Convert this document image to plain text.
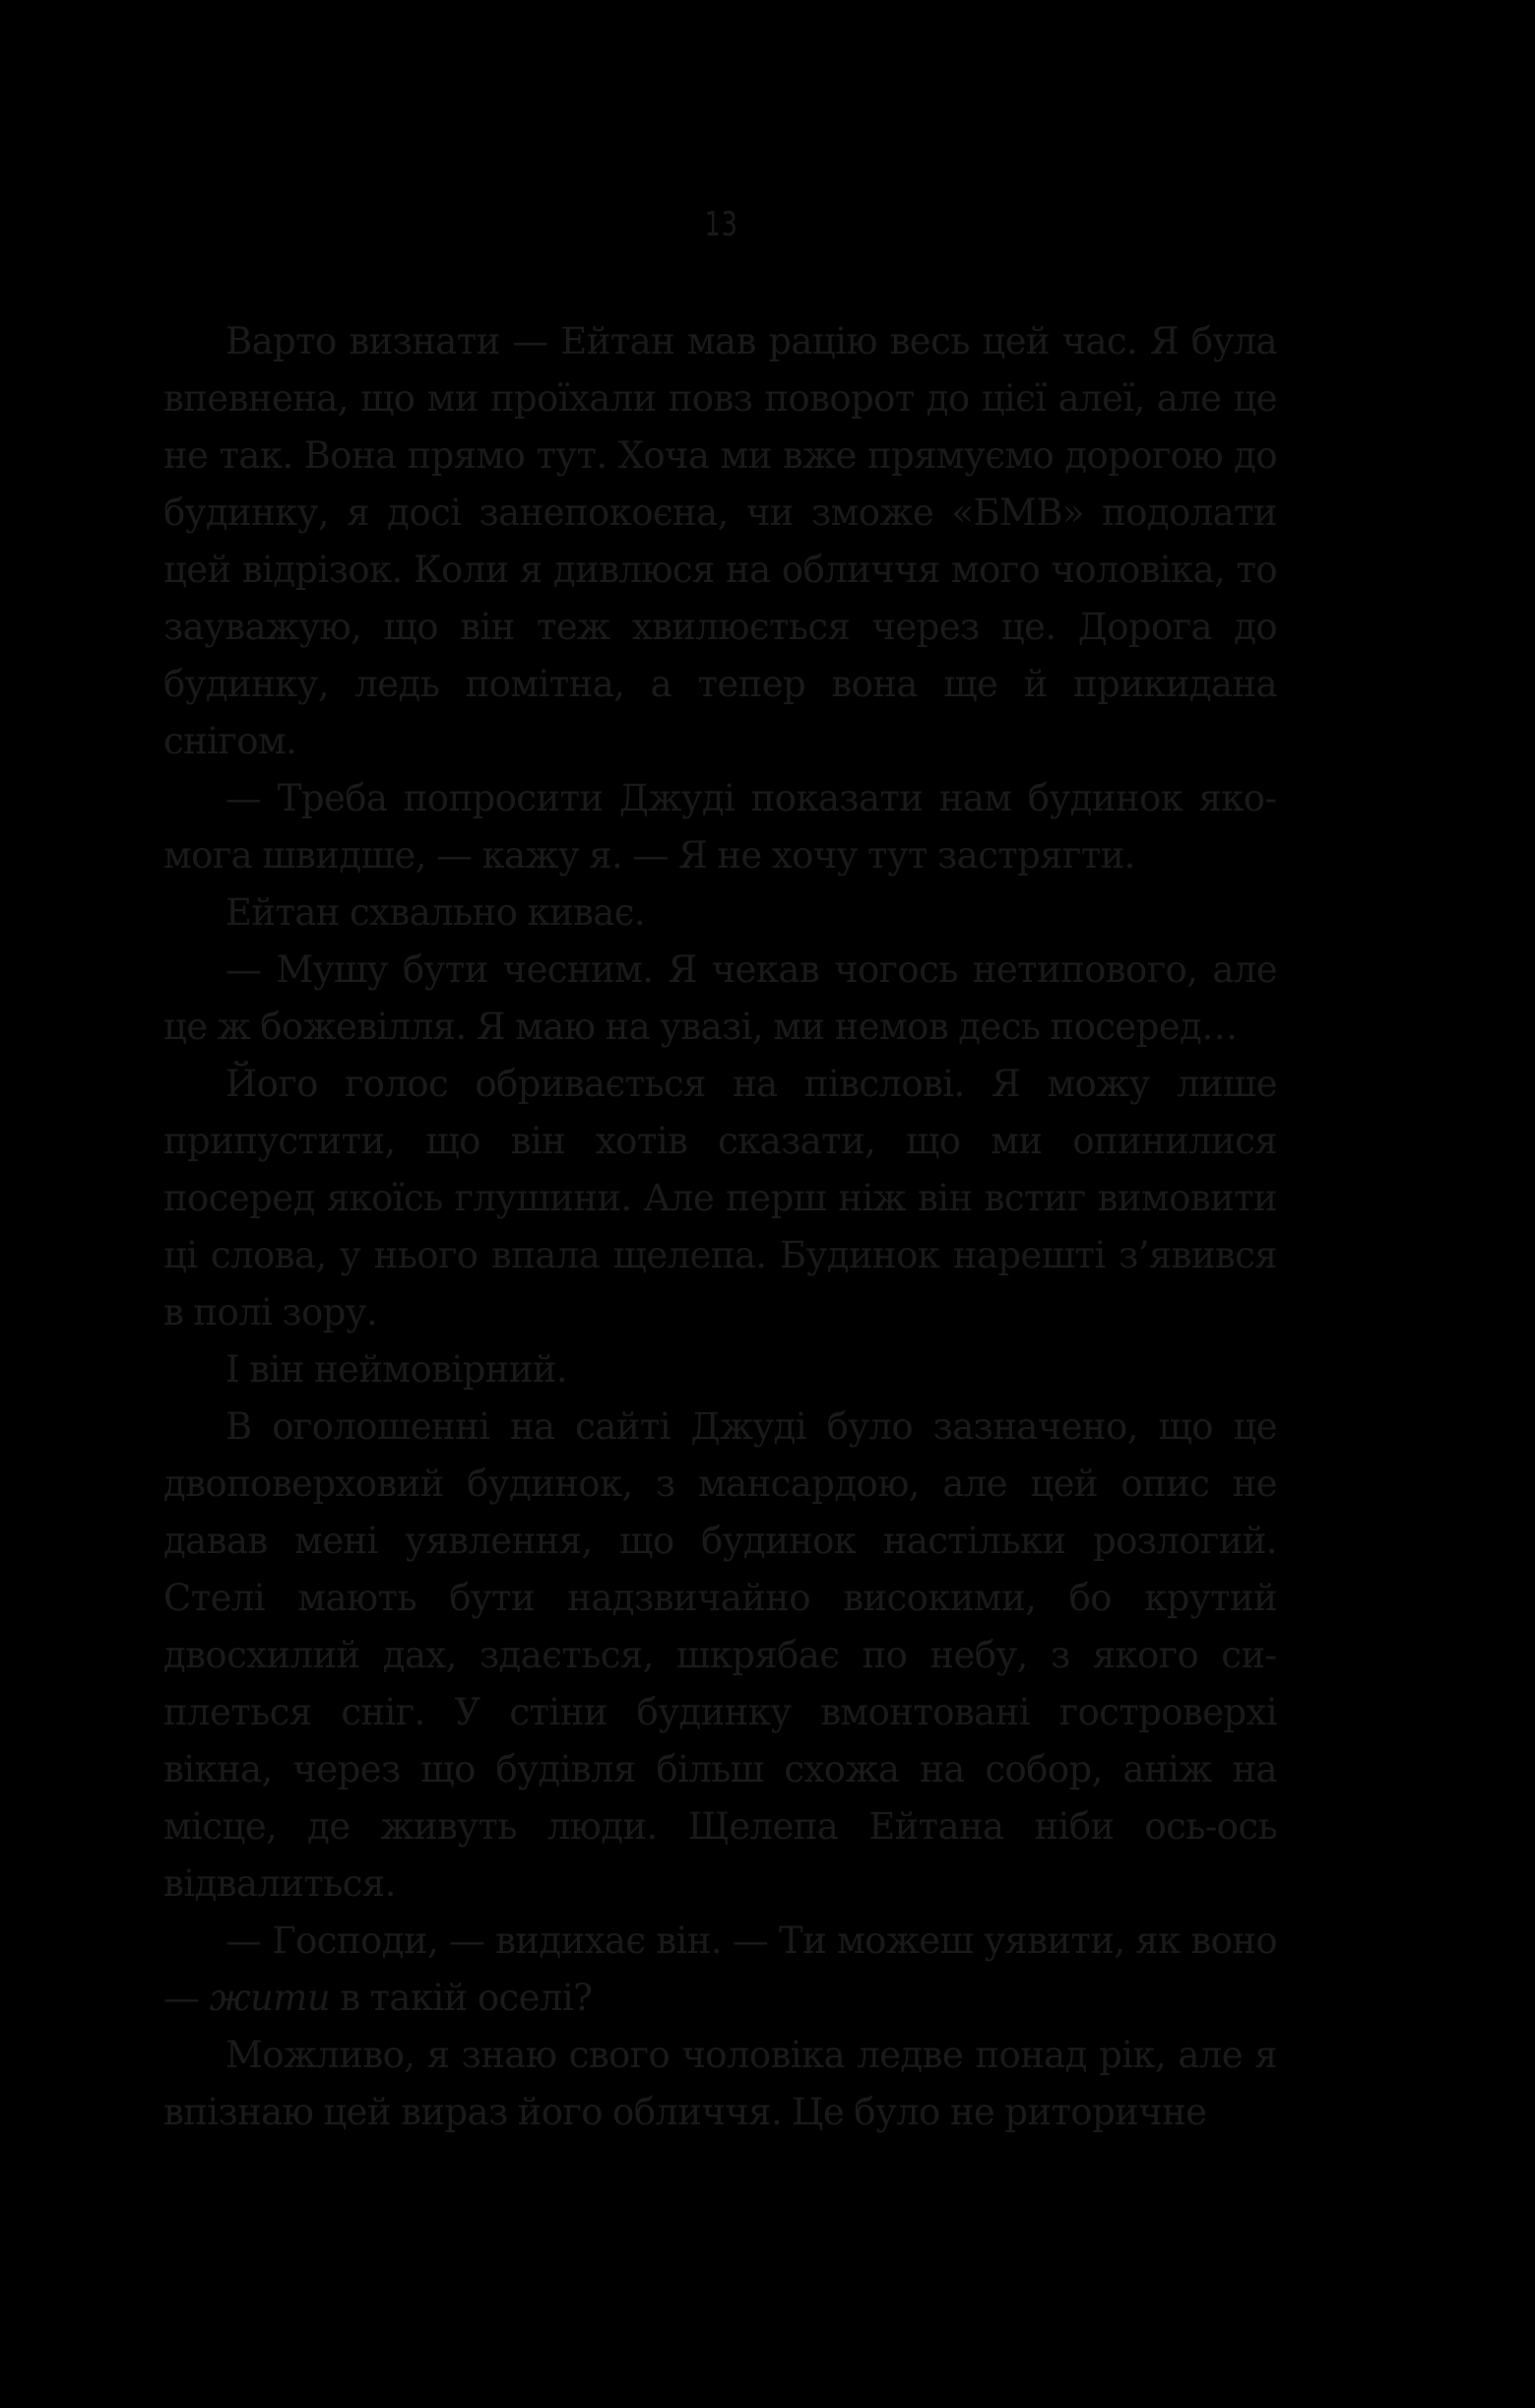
13

Варто визнати — Ейтан мав рацію весь цей час. Я була впевнена, що ми проїхали повз поворот до цієї алеї, але це не так. Вона прямо тут. Хоча ми вже прямуємо дорогою до будинку, я досі занепокоєна, чи зможе «БМВ» подолати цей відрізок. Коли я дивлюся на обличчя мого чоловіка, то зауважую, що він теж хвилюється через це. Дорога до будинку, ледь помітна, а тепер вона ще й прикидана снігом.

— Треба попросити Джуді показати нам будинок якомога швидше, — кажу я. — Я не хочу тут застрягти.

Ейтан схвально киває.

— Мушу бути чесним. Я чекав чогось нетипового, але це ж божевілля. Я маю на увазі, ми немов десь посеред…

Його голос обривається на півслові. Я можу лише припустити, що він хотів сказати, що ми опинилися посеред якоїсь глушини. Але перш ніж він встиг вимовити ці слова, у нього впала щелепа. Будинок нарешті з’явився в полі зору.

І він неймовірний.

В оголошенні на сайті Джуді було зазначено, що це двоповерховий будинок, з мансардою, але цей опис не давав мені уявлення, що будинок настільки розлогий. Стелі мають бути надзвичайно високими, бо крутий двосхилий дах, здається, шкрябає по небу, з якого сиплеться сніг. У стіни будинку вмонтовані гостроверхі вікна, через що будівля більш схожа на собор, аніж на місце, де живуть люди. Щелепа Ейтана ніби ось-ось відвалиться.

— Господи, — видихає він. — Ти можеш уявити, як воно — жити в такій оселі?

Можливо, я знаю свого чоловіка ледве понад рік, але я впізнаю цей вираз його обличчя. Це було не риторичне
